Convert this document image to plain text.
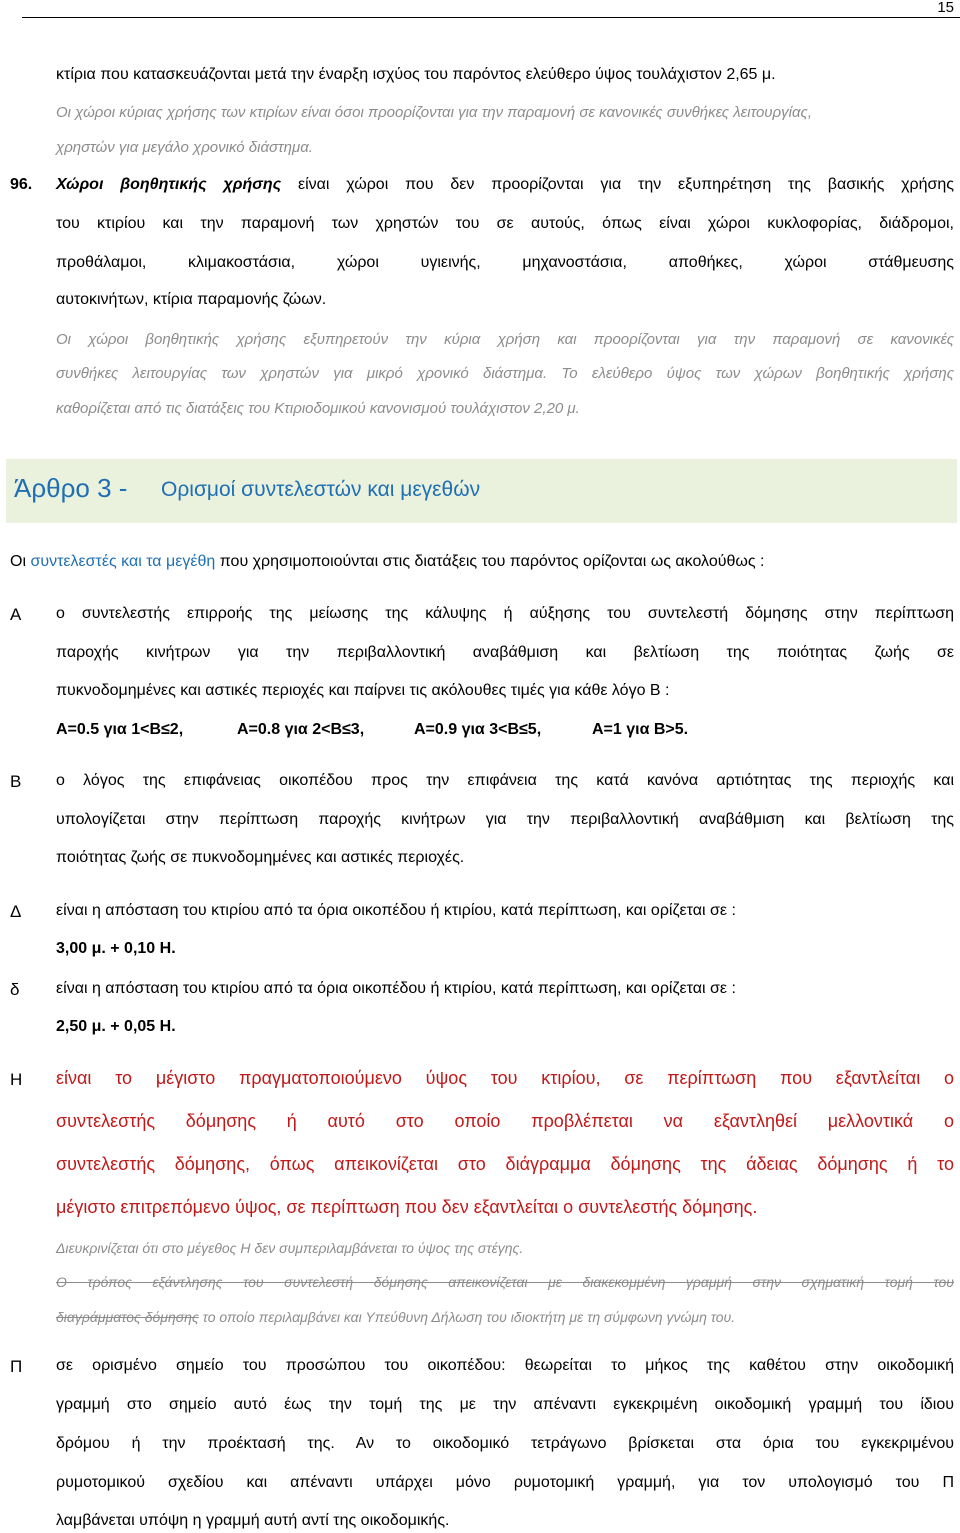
15
κτίρια που κατασκευάζονται μετά την έναρξη ισχύος του παρόντος ελεύθερο ύψος τουλάχιστον 2,65 μ.
Οι χώροι κύριας χρήσης των κτιρίων είναι όσοι προορίζονται για την παραμονή σε κανονικές συνθήκες λειτουργίας,
χρηστών για μεγάλο χρονικό διάστημα.
96. Χώροι βοηθητικής χρήσης είναι χώροι που δεν προορίζονται για την εξυπηρέτηση της βασικής χρήσης
του κτιρίου και την παραμονή των χρηστών του σε αυτούς, όπως είναι χώροι κυκλοφορίας, διάδρομοι,
προθάλαμοι, κλιμακοστάσια, χώροι υγιεινής, μηχανοστάσια, αποθήκες, χώροι στάθμευσης
αυτοκινήτων, κτίρια παραμονής ζώων.
Οι χώροι βοηθητικής χρήσης εξυπηρετούν την κύρια χρήση και προορίζονται για την παραμονή σε κανονικές
συνθήκες λειτουργίας των χρηστών για μικρό χρονικό διάστημα. Το ελεύθερο ύψος των χώρων βοηθητικής χρήσης
καθορίζεται από τις διατάξεις του Κτιριοδομικού κανονισμού τουλάχιστον 2,20 μ.
Άρθρο 3 - Ορισμοί συντελεστών και μεγεθών
Οι συντελεστές και τα μεγέθη που χρησιμοποιούνται στις διατάξεις του παρόντος ορίζονται ως ακολούθως :
Α ο συντελεστής επιρροής της μείωσης της κάλυψης ή αύξησης του συντελεστή δόμησης στην περίπτωση
παροχής κινήτρων για την περιβαλλοντική αναβάθμιση και βελτίωση της ποιότητας ζωής σε
πυκνοδομημένες και αστικές περιοχές και παίρνει τις ακόλουθες τιμές για κάθε λόγο Β :
Α=0.5 για 1<Β≤2,	Α=0.8 για 2<Β≤3,	Α=0.9 για 3<Β≤5,	Α=1 για Β>5.
Β ο λόγος της επιφάνειας οικοπέδου προς την επιφάνεια της κατά κανόνα αρτιότητας της περιοχής και
υπολογίζεται στην περίπτωση παροχής κινήτρων για την περιβαλλοντική αναβάθμιση και βελτίωση της
ποιότητας ζωής σε πυκνοδομημένες και αστικές περιοχές.
Δ είναι η απόσταση του κτιρίου από τα όρια οικοπέδου ή κτιρίου, κατά περίπτωση, και ορίζεται σε :
3,00 μ. + 0,10 Η.
δ είναι η απόσταση του κτιρίου από τα όρια οικοπέδου ή κτιρίου, κατά περίπτωση, και ορίζεται σε :
2,50 μ. + 0,05 Η.
Η είναι το μέγιστο πραγματοποιούμενο ύψος του κτιρίου, σε περίπτωση που εξαντλείται ο
συντελεστής δόμησης ή αυτό στο οποίο προβλέπεται να εξαντληθεί μελλοντικά ο
συντελεστής δόμησης, όπως απεικονίζεται στο διάγραμμα δόμησης της άδειας δόμησης ή το
μέγιστο επιτρεπόμενο ύψος, σε περίπτωση που δεν εξαντλείται ο συντελεστής δόμησης.
Διευκρινίζεται ότι στο μέγεθος Η δεν συμπεριλαμβάνεται το ύψος της στέγης.
Ο τρόπος εξάντλησης του συντελεστή δόμησης απεικονίζεται με διακεκομμένη γραμμή στην σχηματική τομή του
διαγράμματος δόμησης το οποίο περιλαμβάνει και Υπεύθυνη Δήλωση του ιδιοκτήτη με τη σύμφωνη γνώμη του.
Π σε ορισμένο σημείο του προσώπου του οικοπέδου: θεωρείται το μήκος της καθέτου στην οικοδομική
γραμμή στο σημείο αυτό έως την τομή της με την απέναντι εγκεκριμένη οικοδομική γραμμή του ίδιου
δρόμου ή την προέκτασή της. Αν το οικοδομικό τετράγωνο βρίσκεται στα όρια του εγκεκριμένου
ρυμοτομικού σχεδίου και απέναντι υπάρχει μόνο ρυμοτομική γραμμή, για τον υπολογισμό του Π
λαμβάνεται υπόψη η γραμμή αυτή αντί της οικοδομικής.
